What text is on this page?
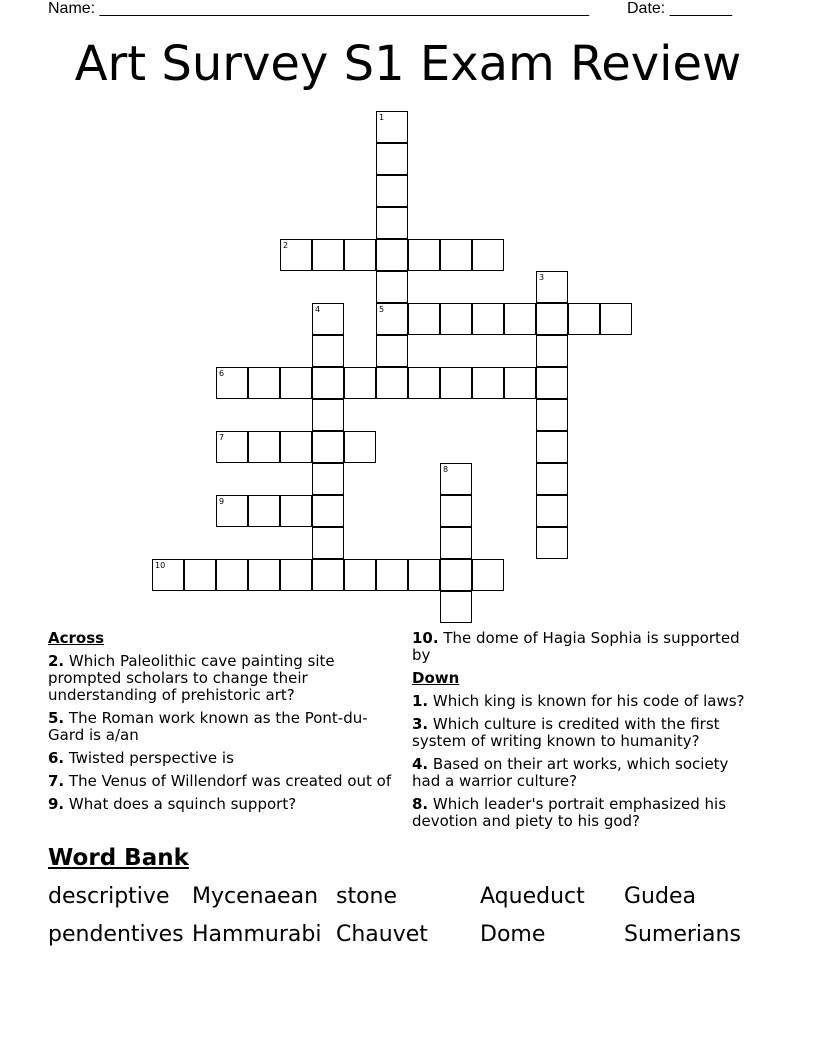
Name: _______________________________________________________ Date: _______
Art Survey S1 Exam Review
1
5
2
3
4
6
7
8
9
10
Across
2. Which Paleolithic cave painting site prompted scholars to change their understanding of prehistoric art?
5. The Roman work known as the Pont-du-Gard is a/an
6. Twisted perspective is
7. The Venus of Willendorf was created out of
9. What does a squinch support?
10. The dome of Hagia Sophia is supported by
Down
1. Which king is known for his code of laws?
3. Which culture is credited with the first system of writing known to humanity?
4. Based on their art works, which society had a warrior culture?
8. Which leader's portrait emphasized his devotion and piety to his god?
Word Bank
descriptive Mycenaean stone	Aqueduct Gudea
pendentives Hammurabi Chauvet Dome	Sumerians
